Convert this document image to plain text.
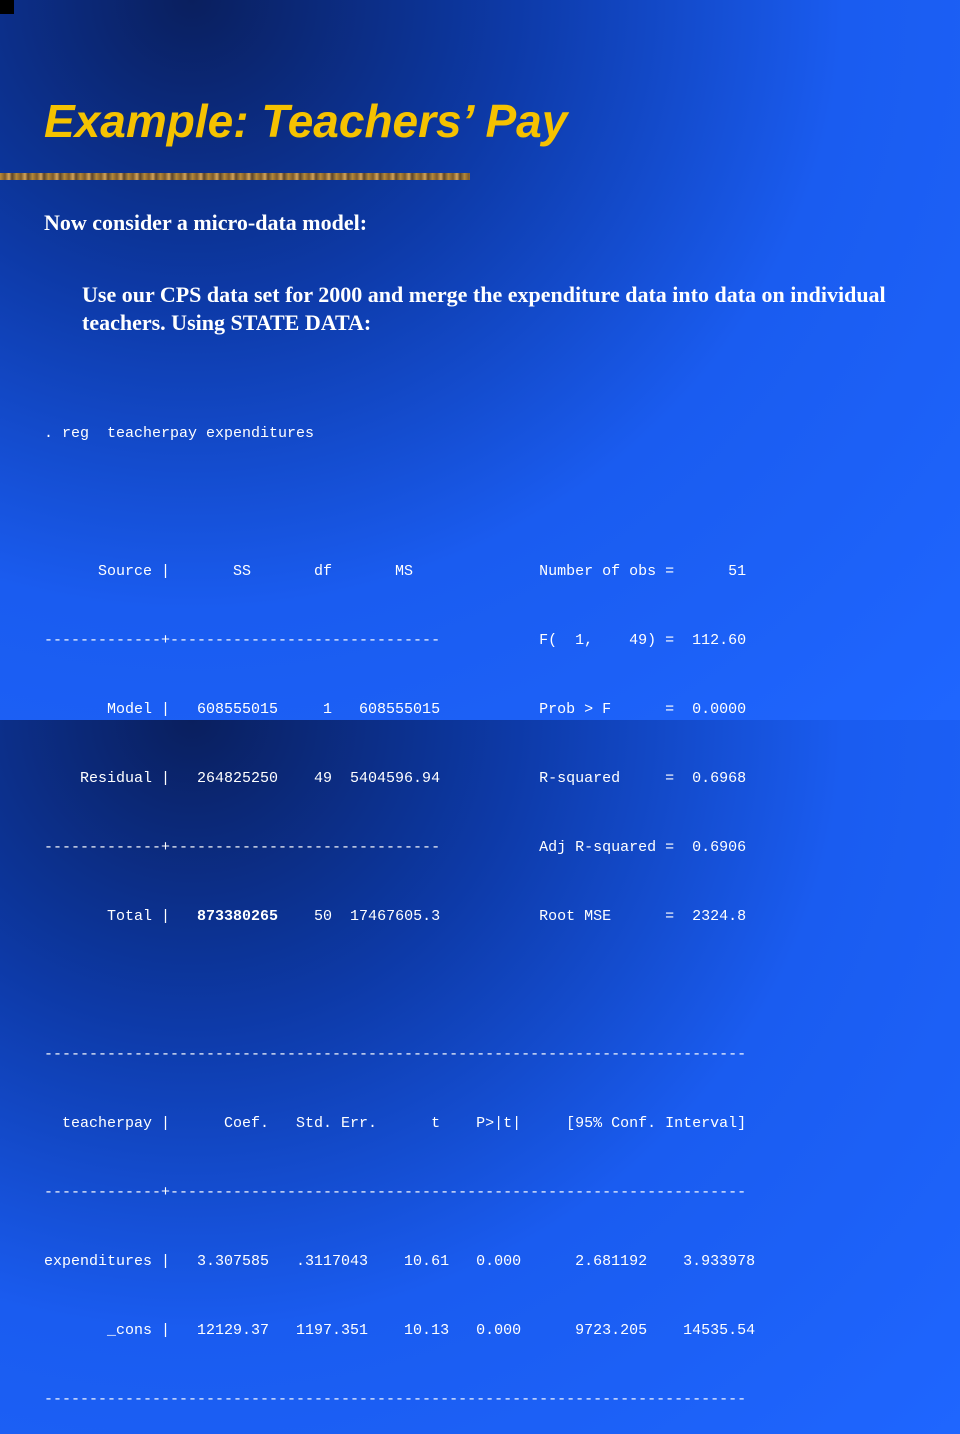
Example: Teachers’ Pay

Now consider a micro-data model:

Use our CPS data set for 2000 and merge the expenditure data into data on individual teachers. Using STATE DATA:

. reg  teacherpay expenditures

Source |       SS       df       MS              Number of obs =      51

-------------+------------------------------           F(  1,    49) =  112.60

Model |   608555015     1   608555015           Prob > F      =  0.0000

Residual |   264825250    49  5404596.94           R-squared     =  0.6968

-------------+------------------------------           Adj R-squared =  0.6906

Total |   873380265    50  17467605.3           Root MSE      =  2324.8

------------------------------------------------------------------------------

teacherpay |      Coef.   Std. Err.      t    P>|t|     [95% Conf. Interval]

-------------+----------------------------------------------------------------

expenditures |   3.307585   .3117043    10.61   0.000      2.681192    3.933978

_cons |   12129.37   1197.351    10.13   0.000      9723.205    14535.54

------------------------------------------------------------------------------
